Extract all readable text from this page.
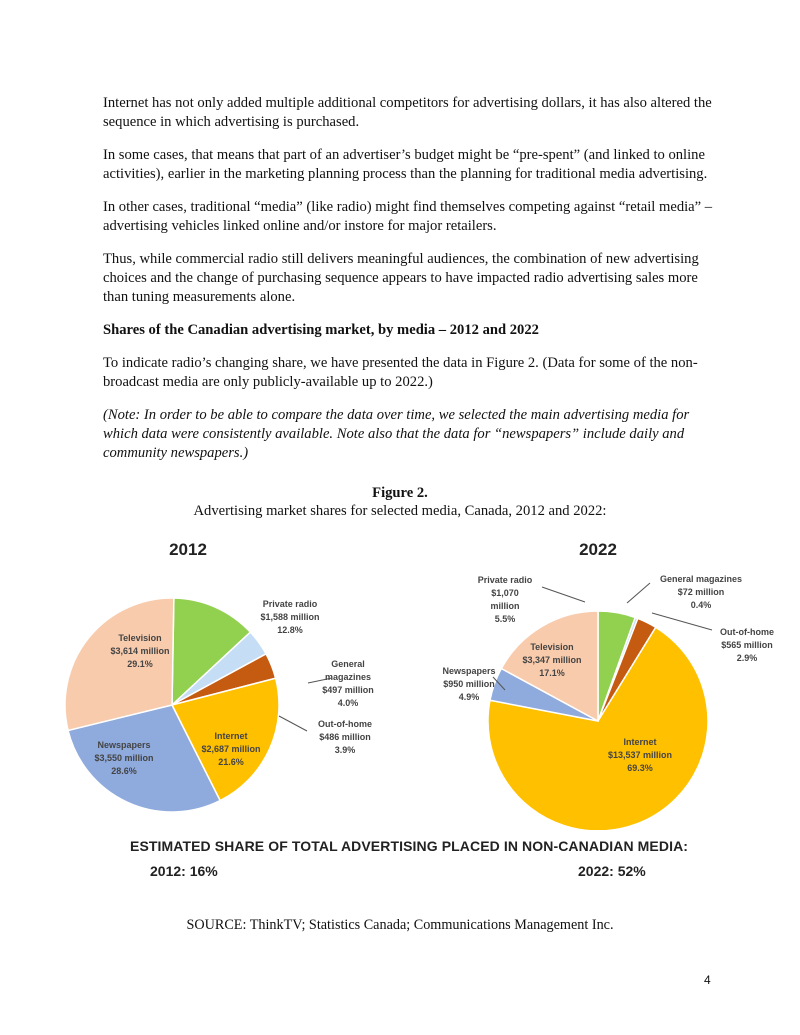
Internet has not only added multiple additional competitors for advertising dollars, it has also altered the sequence in which advertising is purchased.

In some cases, that means that part of an advertiser’s budget might be “pre-spent” (and linked to online activities), earlier in the marketing planning process than the planning for traditional media advertising.

In other cases, traditional “media” (like radio) might find themselves competing against “retail media” – advertising vehicles linked online and/or instore for major retailers.

Thus, while commercial radio still delivers meaningful audiences, the combination of new advertising choices and the change of purchasing sequence appears to have impacted radio advertising sales more than tuning measurements alone.

Shares of the Canadian advertising market, by media – 2012 and 2022

To indicate radio’s changing share, we have presented the data in Figure 2. (Data for some of the non-broadcast media are only publicly-available up to 2022.)

(Note: In order to be able to compare the data over time, we selected the main advertising media for which data were consistently available. Note also that the data for “newspapers” include daily and community newspapers.)

Figure 2.
Advertising market shares for selected media, Canada, 2012 and 2022:
2012
Private radio $1,588 million 12.8%
General magazines $497 million 4.0%
Out-of-home $486 million 3.9%
Internet $2,687 million 21.6%
Newspapers $3,550 million 28.6%
Television $3,614 million 29.1%
2022
Private radio $1,070 million 5.5%
General magazines $72 million 0.4%
Out-of-home $565 million 2.9%
Internet $13,537 million 69.3%
Newspapers $950 million 4.9%
Television $3,347 million 17.1%
ESTIMATED SHARE OF TOTAL ADVERTISING PLACED IN NON-CANADIAN MEDIA:
2012: 16%	2022: 52%
SOURCE: ThinkTV; Statistics Canada; Communications Management Inc.
4
